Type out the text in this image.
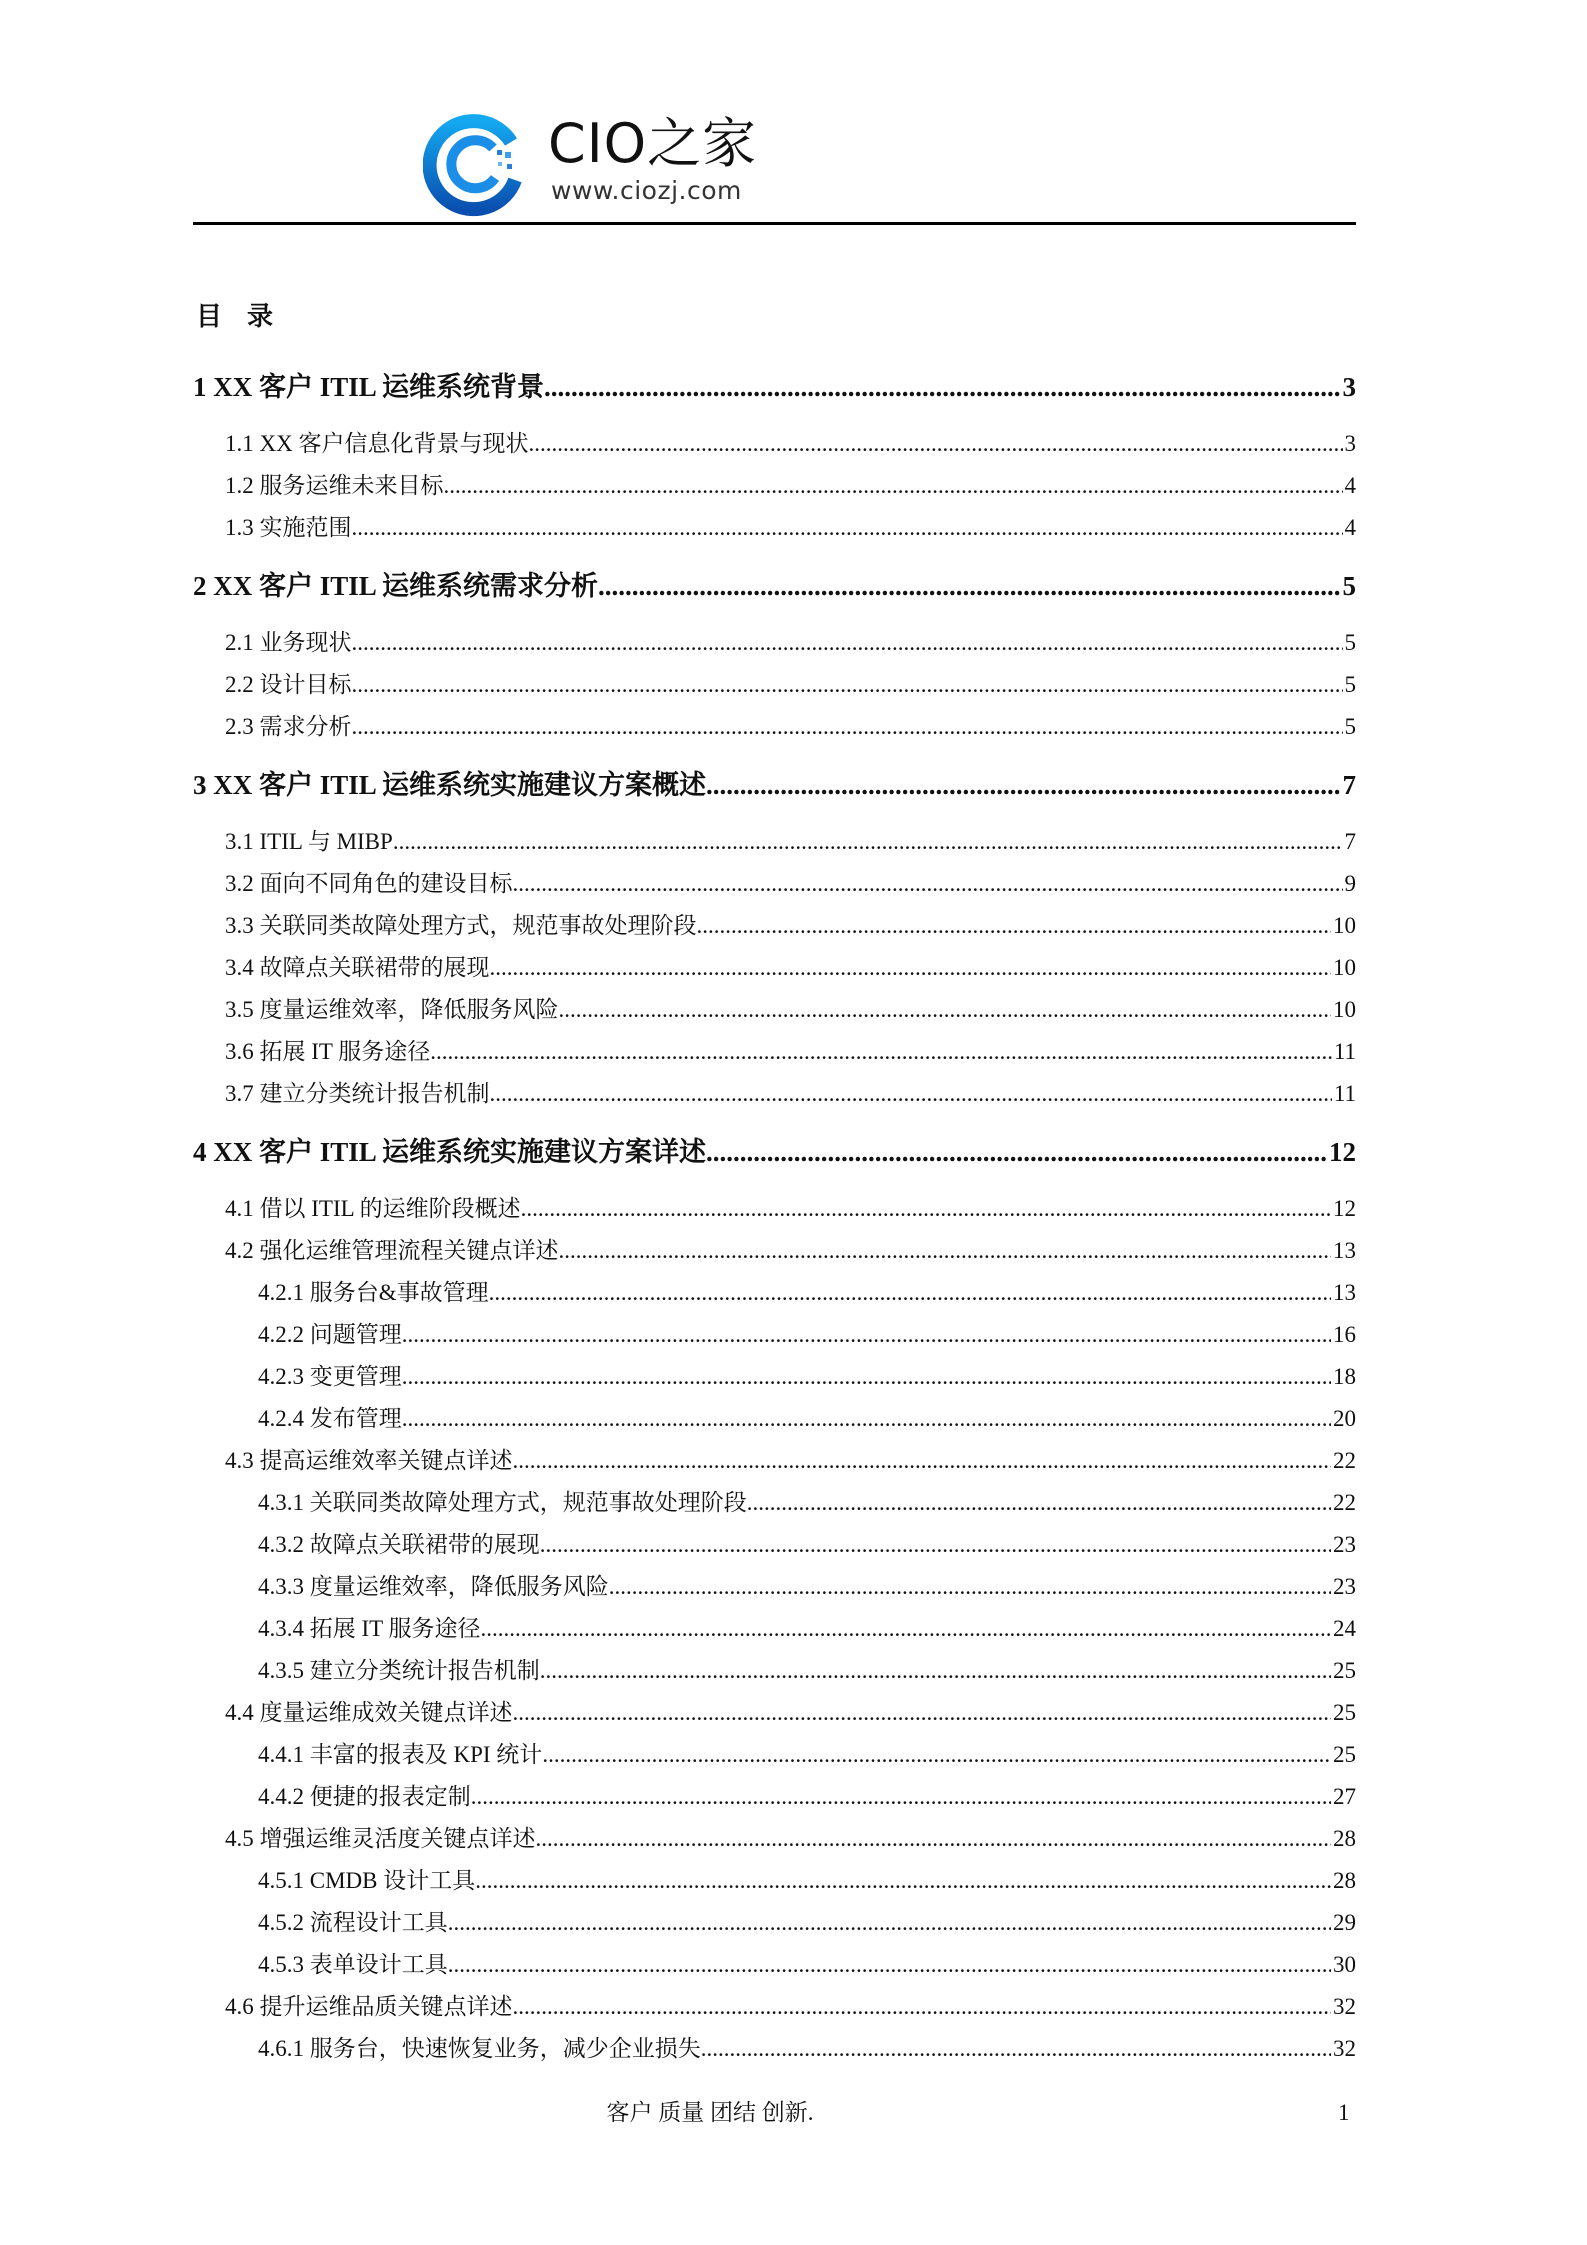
CIO之家
www.ciozj.com
目 录
1 XX 客户 ITIL 运维系统背景 .....	3
1.1 XX 客户信息化背景与现状 .....	3
1.2 服务运维未来目标 .....	4
1.3 实施范围 .....	4
2 XX 客户 ITIL 运维系统需求分析 .....	5
2.1 业务现状 .....	5
2.2 设计目标 .....	5
2.3 需求分析 .....	5
3 XX 客户 ITIL 运维系统实施建议方案概述 .....	7
3.1 ITIL 与 MIBP .....	7
3.2 面向不同角色的建设目标 .....	9
3.3 关联同类故障处理方式，规范事故处理阶段 .....	10
3.4 故障点关联裙带的展现 .....	10
3.5 度量运维效率，降低服务风险 .....	10
3.6 拓展 IT 服务途径 .....	11
3.7 建立分类统计报告机制 .....	11
4 XX 客户 ITIL 运维系统实施建议方案详述 .....	12
4.1 借以 ITIL 的运维阶段概述 .....	12
4.2 强化运维管理流程关键点详述 .....	13
4.2.1 服务台&事故管理 .....	13
4.2.2 问题管理 .....	16
4.2.3 变更管理 .....	18
4.2.4 发布管理 .....	20
4.3 提高运维效率关键点详述 .....	22
4.3.1 关联同类故障处理方式，规范事故处理阶段 .....	22
4.3.2 故障点关联裙带的展现 .....	23
4.3.3 度量运维效率，降低服务风险 .....	23
4.3.4 拓展 IT 服务途径 .....	24
4.3.5 建立分类统计报告机制 .....	25
4.4 度量运维成效关键点详述 .....	25
4.4.1 丰富的报表及 KPI 统计 .....	25
4.4.2 便捷的报表定制 .....	27
4.5 增强运维灵活度关键点详述 .....	28
4.5.1 CMDB 设计工具 .....	28
4.5.2 流程设计工具 .....	29
4.5.3 表单设计工具 .....	30
4.6 提升运维品质关键点详述 .....	32
4.6.1 服务台，快速恢复业务，减少企业损失 .....	32
客户 质量 团结 创新.	1
